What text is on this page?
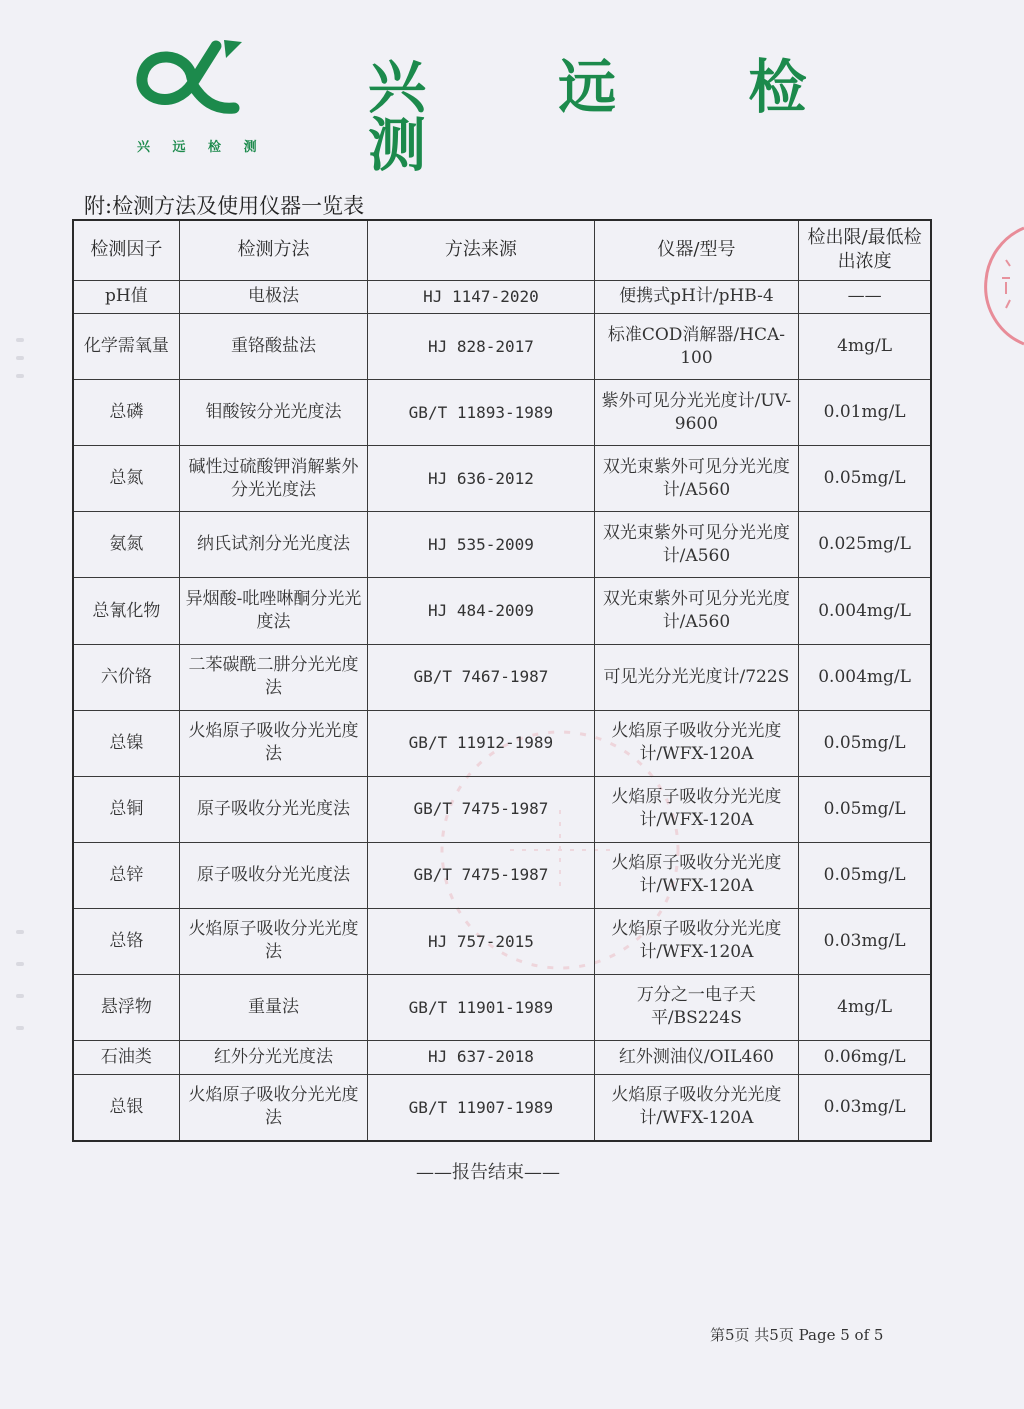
兴 远 检 测
兴 远 检 测
附:检测方法及使用仪器一览表
检测因子	检测方法	方法来源	仪器/型号	检出限/最低检出浓度
pH值	电极法	HJ 1147-2020	便携式pH计/pHB-4	——
化学需氧量	重铬酸盐法	HJ 828-2017	标准COD消解器/HCA-100	4mg/L
总磷	钼酸铵分光光度法	GB/T 11893-1989	紫外可见分光光度计/UV-9600	0.01mg/L
总氮	碱性过硫酸钾消解紫外分光光度法	HJ 636-2012	双光束紫外可见分光光度计/A560	0.05mg/L
氨氮	纳氏试剂分光光度法	HJ 535-2009	双光束紫外可见分光光度计/A560	0.025mg/L
总氰化物	异烟酸-吡唑啉酮分光光度法	HJ 484-2009	双光束紫外可见分光光度计/A560	0.004mg/L
六价铬	二苯碳酰二肼分光光度法	GB/T 7467-1987	可见光分光光度计/722S	0.004mg/L
总镍	火焰原子吸收分光光度法	GB/T 11912-1989	火焰原子吸收分光光度计/WFX-120A	0.05mg/L
总铜	原子吸收分光光度法	GB/T 7475-1987	火焰原子吸收分光光度计/WFX-120A	0.05mg/L
总锌	原子吸收分光光度法	GB/T 7475-1987	火焰原子吸收分光光度计/WFX-120A	0.05mg/L
总铬	火焰原子吸收分光光度法	HJ 757-2015	火焰原子吸收分光光度计/WFX-120A	0.03mg/L
悬浮物	重量法	GB/T 11901-1989	万分之一电子天平/BS224S	4mg/L
石油类	红外分光光度法	HJ 637-2018	红外测油仪/OIL460	0.06mg/L
总银	火焰原子吸收分光光度法	GB/T 11907-1989	火焰原子吸收分光光度计/WFX-120A	0.03mg/L
——报告结束——
第5页 共5页 Page 5 of 5
